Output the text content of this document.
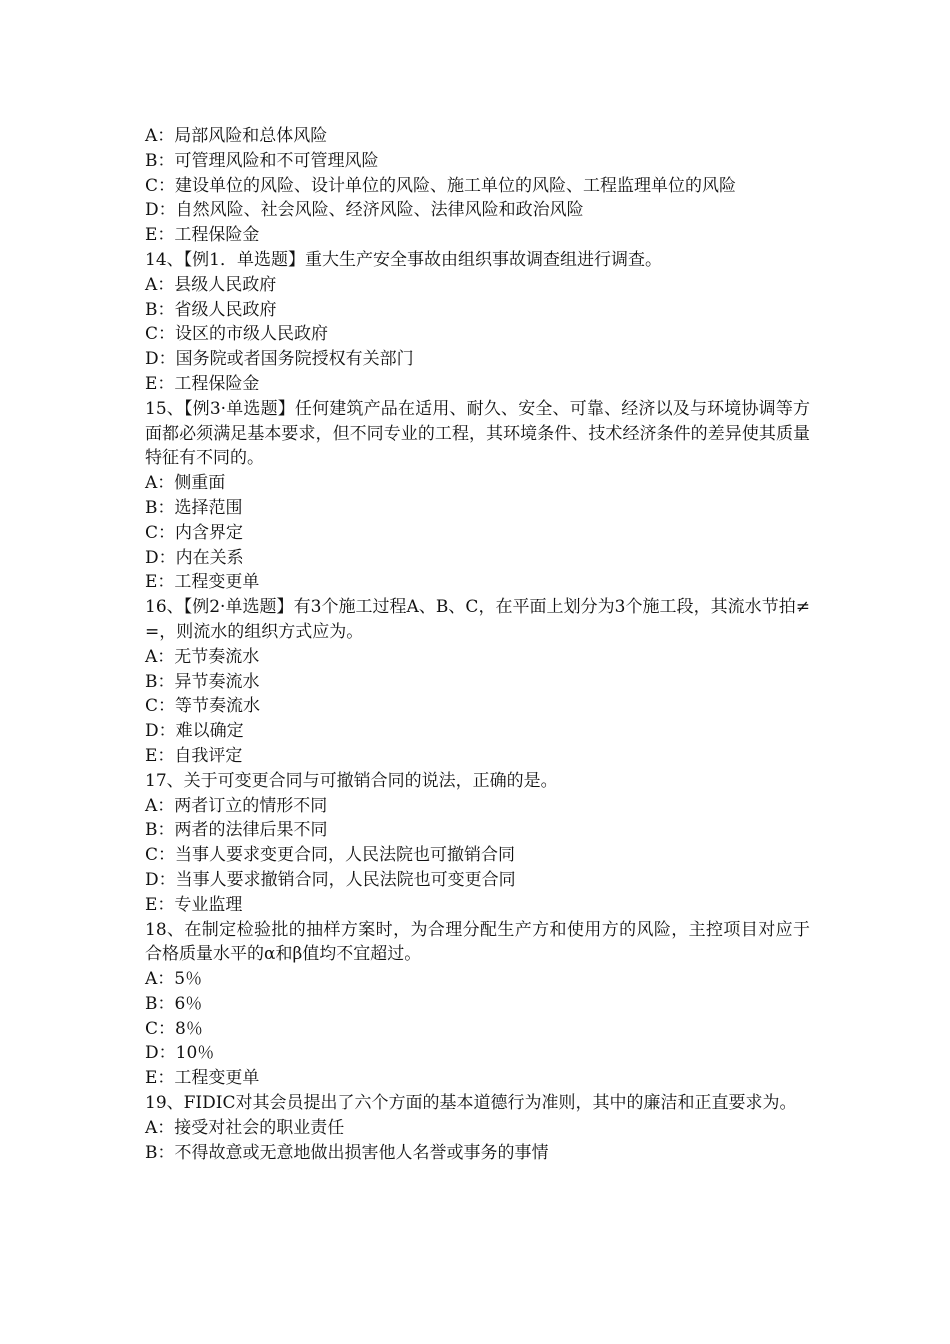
A：局部风险和总体风险

B：可管理风险和不可管理风险

C：建设单位的风险、设计单位的风险、施工单位的风险、工程监理单位的风险

D：自然风险、社会风险、经济风险、法律风险和政治风险

E：工程保险金

14、【例1．单选题】重大生产安全事故由组织事故调查组进行调查。

A：县级人民政府

B：省级人民政府

C：设区的市级人民政府

D：国务院或者国务院授权有关部门

E：工程保险金

15、【例3·单选题】任何建筑产品在适用、耐久、安全、可靠、经济以及与环境协调等方面都必须满足基本要求，但不同专业的工程，其环境条件、技术经济条件的差异使其质量特征有不同的。

A：侧重面

B：选择范围

C：内含界定

D：内在关系

E：工程变更单

16、【例2·单选题】有3个施工过程A、B、C，在平面上划分为3个施工段，其流水节拍≠=，则流水的组织方式应为。

A：无节奏流水

B：异节奏流水

C：等节奏流水

D：难以确定

E：自我评定

17、关于可变更合同与可撤销合同的说法，正确的是。

A：两者订立的情形不同

B：两者的法律后果不同

C：当事人要求变更合同，人民法院也可撤销合同

D：当事人要求撤销合同，人民法院也可变更合同

E：专业监理

18、在制定检验批的抽样方案时，为合理分配生产方和使用方的风险，主控项目对应于合格质量水平的α和β值均不宜超过。

A：5％

B：6％

C：8％

D：10％

E：工程变更单

19、FIDIC对其会员提出了六个方面的基本道德行为准则，其中的廉洁和正直要求为。

A：接受对社会的职业责任

B：不得故意或无意地做出损害他人名誉或事务的事情
